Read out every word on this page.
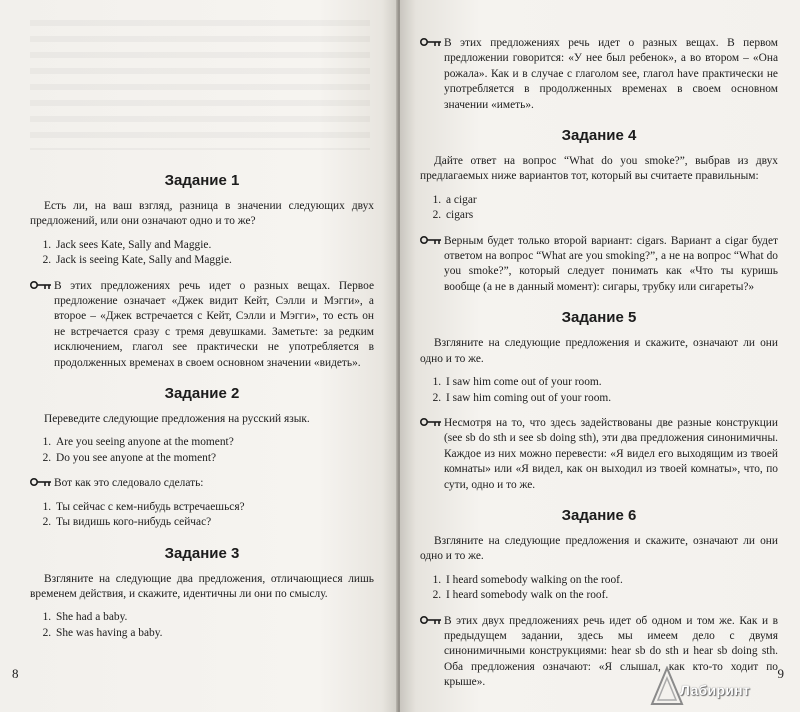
Задание 1

Есть ли, на ваш взгляд, разница в значении следующих двух предложений, или они означают одно и то же?

1. Jack sees Kate, Sally and Maggie.
2. Jack is seeing Kate, Sally and Maggie.

В этих предложениях речь идет о разных вещах. Первое предложение означает «Джек видит Кейт, Сэлли и Мэгги», а второе – «Джек встречается с Кейт, Сэлли и Мэгги», то есть он не встречается сразу с тремя девушками. Заметьте: за редким исключением, глагол see практически не употребляется в продолженных временах в своем основном значении «видеть».

Задание 2

Переведите следующие предложения на русский язык.

1. Are you seeing anyone at the moment?
2. Do you see anyone at the moment?

Вот как это следовало сделать:

1. Ты сейчас с кем-нибудь встречаешься?
2. Ты видишь кого-нибудь сейчас?
Задание 3

Взгляните на следующие два предложения, отличающиеся лишь временем действия, и скажите, идентичны ли они по смыслу.

1. She had a baby.
2. She was having a baby.
8

В этих предложениях речь идет о разных вещах. В первом предложении говорится: «У нее был ребенок», а во втором – «Она рожала». Как и в случае с глаголом see, глагол have практически не употребляется в продолженных временах в своем основном значении «иметь».

Задание 4

Дайте ответ на вопрос “What do you smoke?”, выбрав из двух предлагаемых ниже вариантов тот, который вы считаете правильным:

1. a cigar
2. cigars

Верным будет только второй вариант: cigars. Вариант a cigar будет ответом на вопрос “What are you smoking?”, а не на вопрос “What do you smoke?”, который следует понимать как «Что ты куришь вообще (а не в данный момент): сигары, трубку или сигареты?»

Задание 5

Взгляните на следующие предложения и скажите, означают ли они одно и то же.

1. I saw him come out of your room.
2. I saw him coming out of your room.

Несмотря на то, что здесь задействованы две разные конструкции (see sb do sth и see sb doing sth), эти два предложения синонимичны. Каждое из них можно перевести: «Я видел его выходящим из твоей комнаты» или «Я видел, как он выходил из твоей комнаты», что, по сути, одно и то же.

Задание 6

Взгляните на следующие предложения и скажите, означают ли они одно и то же.

1. I heard somebody walking on the roof.
2. I heard somebody walk on the roof.

В этих двух предложениях речь идет об одном и том же. Как и в предыдущем задании, здесь мы имеем дело с двумя синонимичными конструкциями: hear sb do sth и hear sb doing sth. Оба предложения означают: «Я слышал, как кто-то ходит по крыше».	Лабиринт
9
